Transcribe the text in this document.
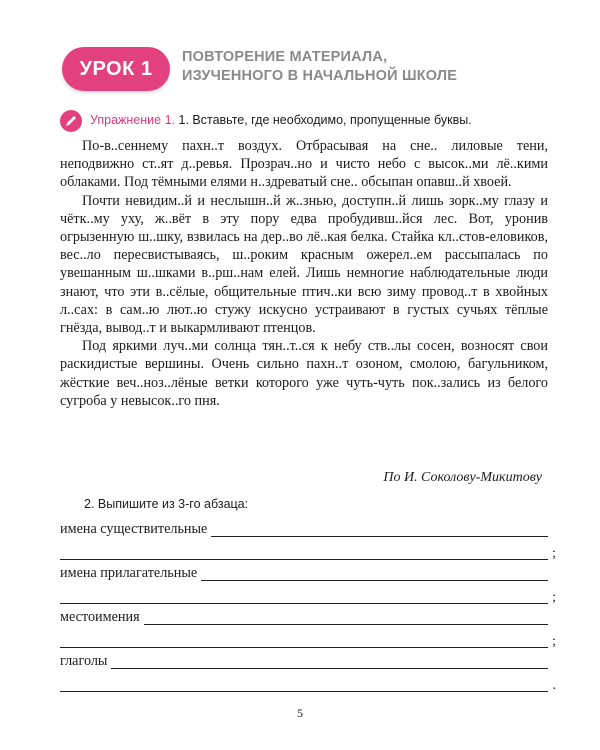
УРОК 1
ПОВТОРЕНИЕ МАТЕРИАЛА,
ИЗУЧЕННОГО В НАЧАЛЬНОЙ ШКОЛЕ
Упражнение 1. 1. Вставьте, где необходимо, пропущенные буквы.

По-в..сеннему пахн..т воздух. Отбрасывая на сне.. лиловые тени, неподвижно ст..ят д..ревья. Прозрач..но и чисто небо с высок..ми лё..кими облаками. Под тёмными елями н..здреватый сне.. обсыпан опавш..й хвоей.

Почти невидим..й и неслышн..й ж..знью, доступн..й лишь зорк..му глазу и чётк..му уху, ж..вёт в эту пору едва пробудивш..йся лес. Вот, уронив огрызенную ш..шку, взвилась на дер..во лё..кая белка. Стайка кл..стов-еловиков, вес..ло пересвистываясь, ш..роким красным ожерел..ем рассыпалась по увешанным ш..шками в..рш..нам елей. Лишь немногие наблюдательные люди знают, что эти в..сёлые, общительные птич..ки всю зиму провод..т в хвойных л..сах: в сам..ю лют..ю стужу искусно устраивают в густых сучьях тёплые гнёзда, вывод..т и выкармливают птенцов.

Под яркими луч..ми солнца тян..т..ся к небу ств..лы сосен, возносят свои раскидистые вершины. Очень сильно пахн..т озоном, смолою, багульником, жёсткие веч..ноз..лёные ветки которого уже чуть-чуть пок..зались из белого сугроба у невысок..го пня.

По И. Соколову-Микитову
2. Выпишите из 3-го абзаца:
имена существительные
;
имена прилагательные
;
местоимения
;
глаголы
.
5
